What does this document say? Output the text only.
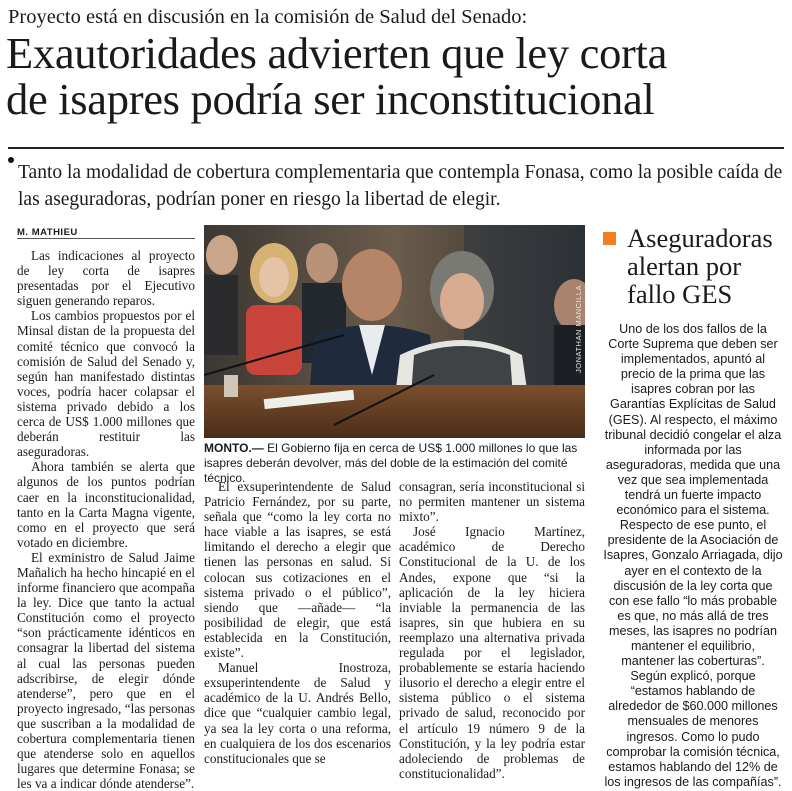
Proyecto está en discusión en la comisión de Salud del Senado:
Exautoridades advierten que ley corta
de isapres podría ser inconstitucional
Tanto la modalidad de cobertura complementaria que contempla Fonasa, como la posible caída de las aseguradoras, podrían poner en riesgo la libertad de elegir.
M. MATHIEU

Las indicaciones al proyecto de ley corta de isapres presentadas por el Ejecutivo siguen generando reparos.

Los cambios propuestos por el Minsal distan de la propuesta del comité técnico que convocó la comisión de Salud del Senado y, según han manifestado distintas voces, podría hacer colapsar el sistema privado debido a los cerca de US$ 1.000 millones que deberán restituir las aseguradoras.

Ahora también se alerta que algunos de los puntos podrían caer en la inconstitucionalidad, tanto en la Carta Magna vigente, como en el proyecto que será votado en diciembre.

El exministro de Salud Jaime Mañalich ha hecho hincapié en el informe financiero que acompaña la ley. Dice que tanto la actual Constitución como el proyecto “son prácticamente idénticos en consagrar la libertad del sistema al cual las personas pueden adscribirse, de elegir dónde atenderse”, pero que en el proyecto ingresado, “las personas que suscriban a la modalidad de cobertura complementaria tienen que atenderse solo en aquellos lugares que determine Fonasa; se les va a indicar dónde atenderse”.

JONATHAN MANCILLA
MONTO.— El Gobierno fija en cerca de US$ 1.000 millones lo que las isapres deberán devolver, más del doble de la estimación del comité técnico.

El exsuperintendente de Salud Patricio Fernández, por su parte, señala que “como la ley corta no hace viable a las isapres, se está limitando el derecho a elegir que tienen las personas en salud. Si colocan sus cotizaciones en el sistema privado o el público”, siendo que —añade— “la posibilidad de elegir, que está establecida en la Constitución, existe”.

Manuel Inostroza, exsuperintendente de Salud y académico de la U. Andrés Bello, dice que “cualquier cambio legal, ya sea la ley corta o una reforma, en cualquiera de los dos escenarios constitucionales que se

consagran, sería inconstitucional si no permiten mantener un sistema mixto”.

José Ignacio Martínez, académico de Derecho Constitucional de la U. de los Andes, expone que “si la aplicación de la ley hiciera inviable la permanencia de las isapres, sin que hubiera en su reemplazo una alternativa privada regulada por el legislador, probablemente se estaría haciendo ilusorio el derecho a elegir entre el sistema público o el sistema privado de salud, reconocido por el artículo 19 número 9 de la Constitución, y la ley podría estar adoleciendo de problemas de constitucionalidad”.

Aseguradoras alertan por fallo GES

Uno de los dos fallos de la Corte Suprema que deben ser implementados, apuntó al precio de la prima que las isapres cobran por las Garantías Explícitas de Salud (GES). Al respecto, el máximo tribunal decidió congelar el alza informada por las aseguradoras, medida que una vez que sea implementada tendrá un fuerte impacto económico para el sistema.

Respecto de ese punto, el presidente de la Asociación de Isapres, Gonzalo Arriagada, dijo ayer en el contexto de la discusión de la ley corta que con ese fallo “lo más probable es que, no más allá de tres meses, las isapres no podrían mantener el equilibrio, mantener las coberturas”.

Según explicó, porque “estamos hablando de alrededor de $60.000 millones mensuales de menores ingresos. Como lo pudo comprobar la comisión técnica, estamos hablando del 12% de los ingresos de las compañías”.
